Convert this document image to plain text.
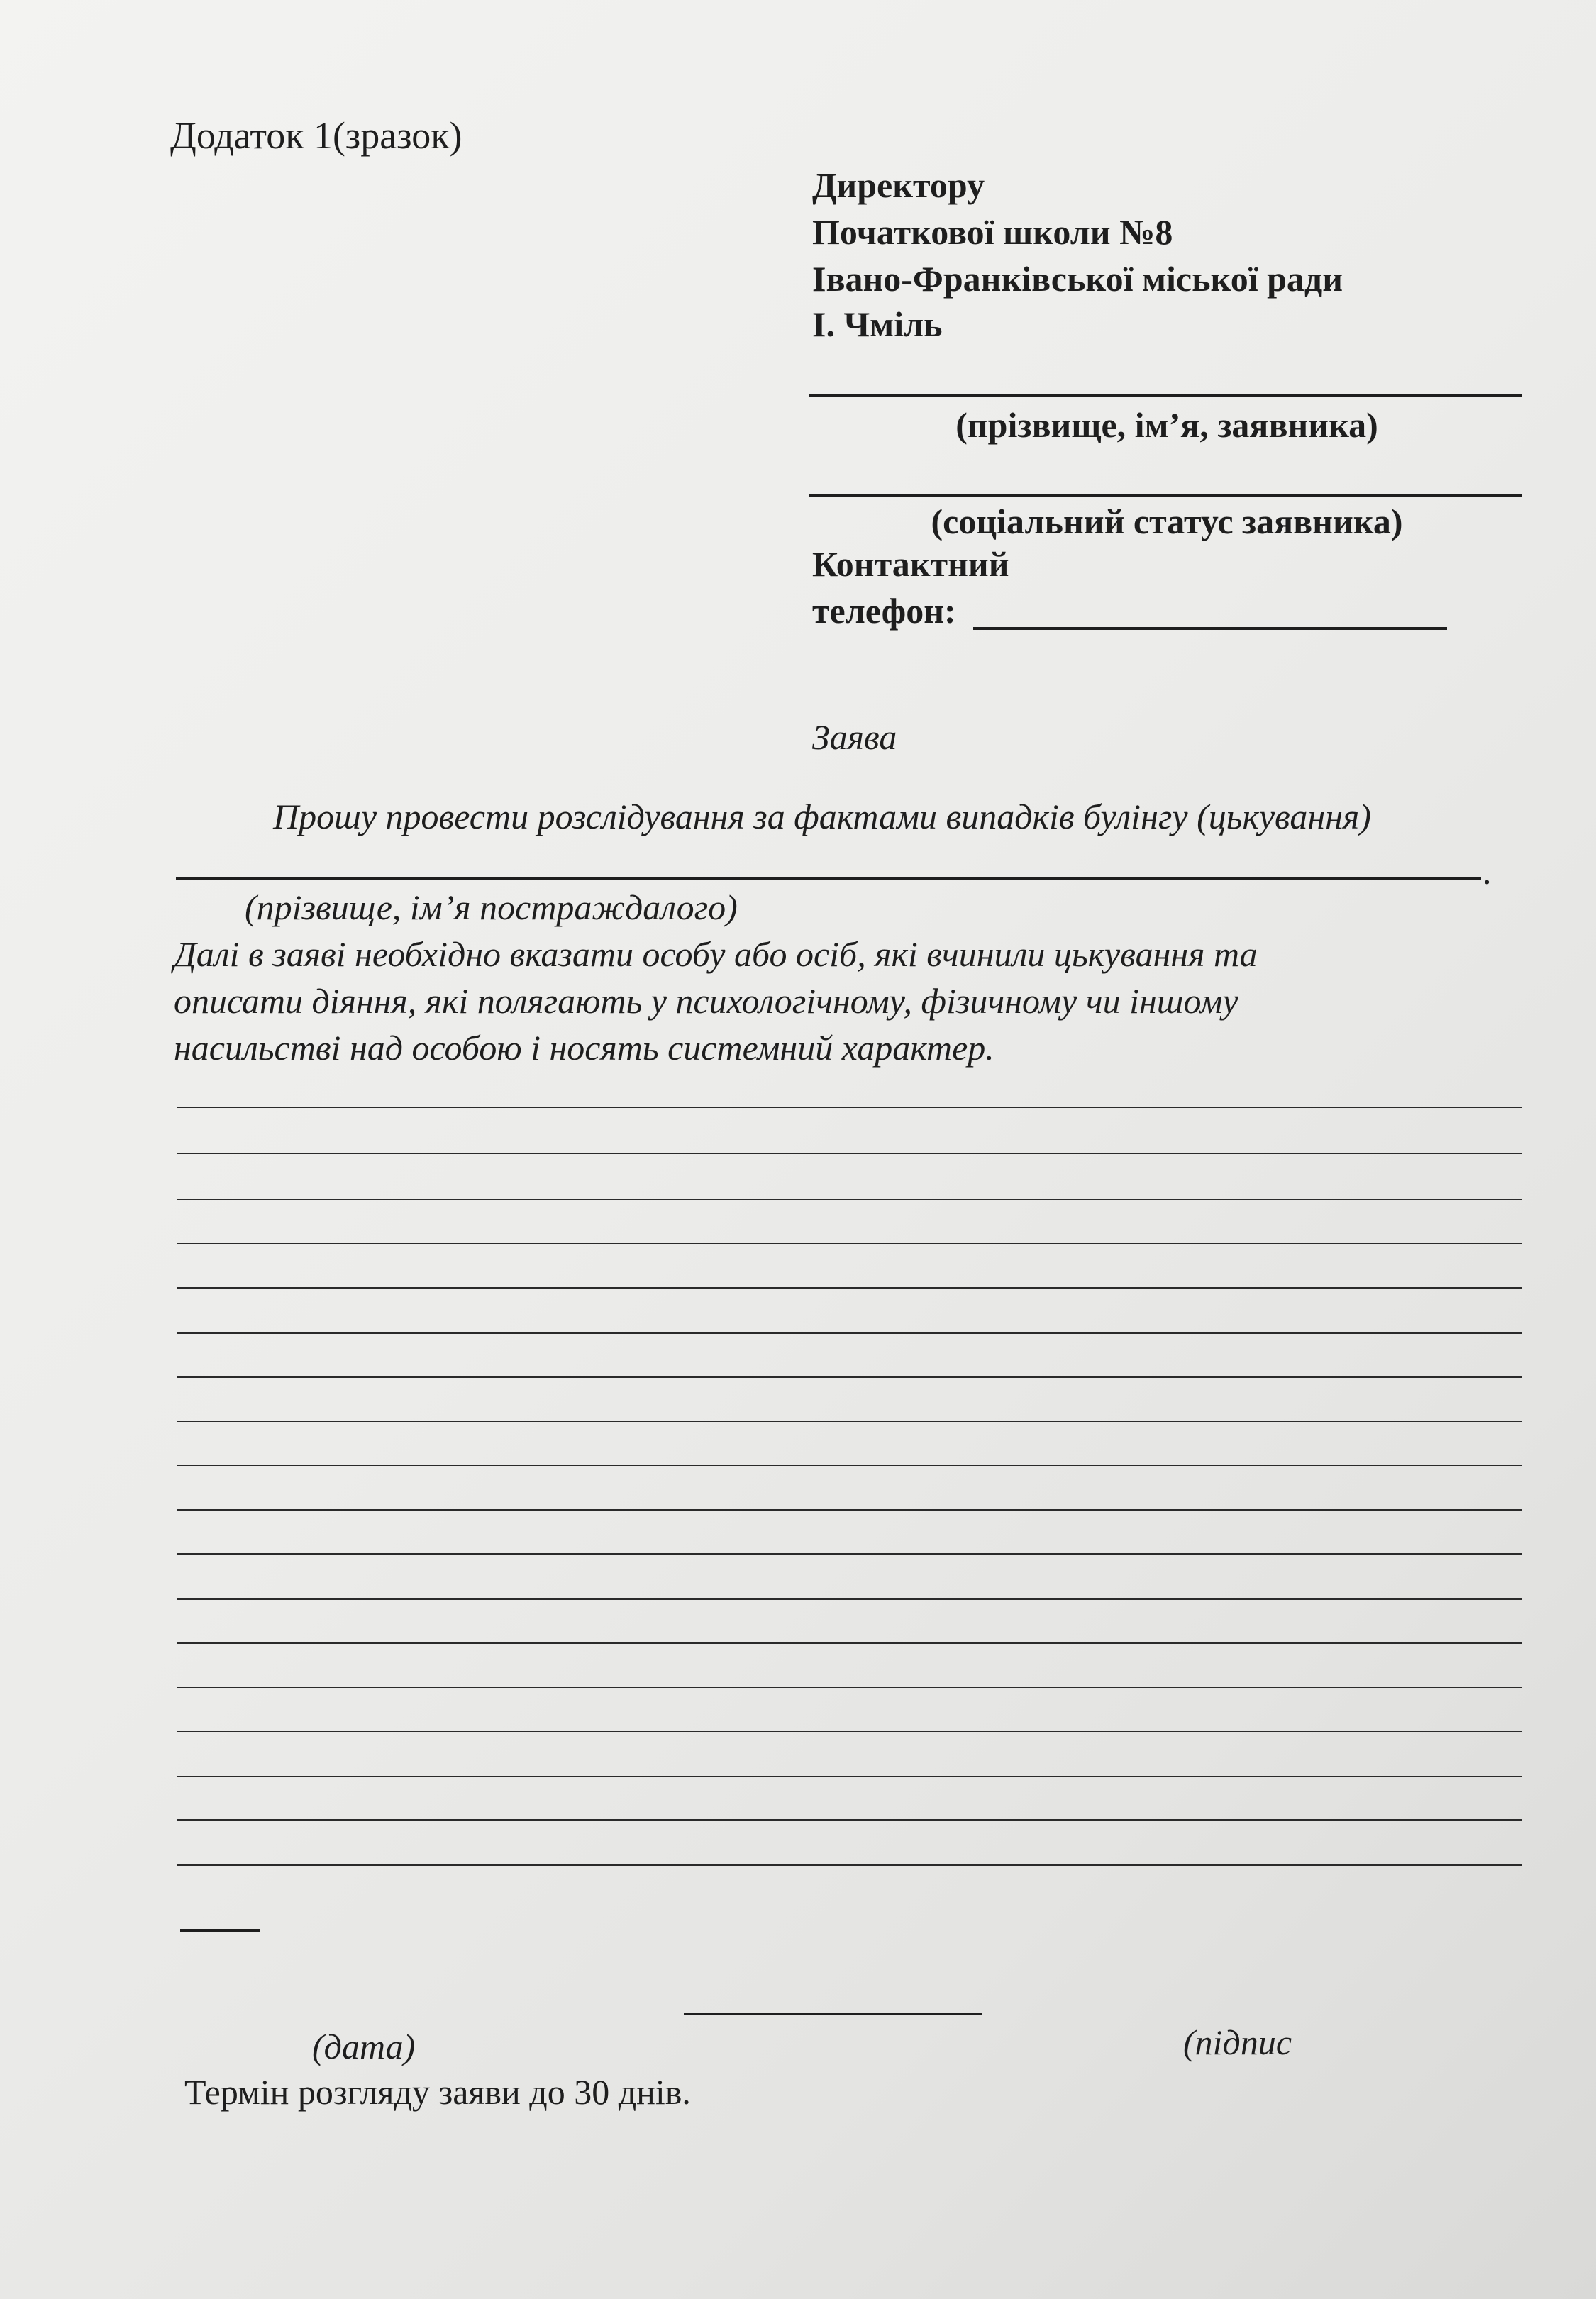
Додаток 1(зразок)
Директору
Початкової школи №8
Івано-Франківської міської ради
І. Чміль
(прізвище, ім’я, заявника)
(соціальний статус заявника)
Контактний
телефон:
Заява
Прошу провести розслідування за фактами випадків булінгу (цькування)
.
(прізвище, ім’я постраждалого)
Далі в заяві необхідно вказати особу або осіб, які вчинили цькування та
описати діяння, які полягають у психологічному, фізичному чи іншому
насильстві над особою і носять системний характер.
(дата)	(підпис
Термін розгляду заяви до 30 днів.
